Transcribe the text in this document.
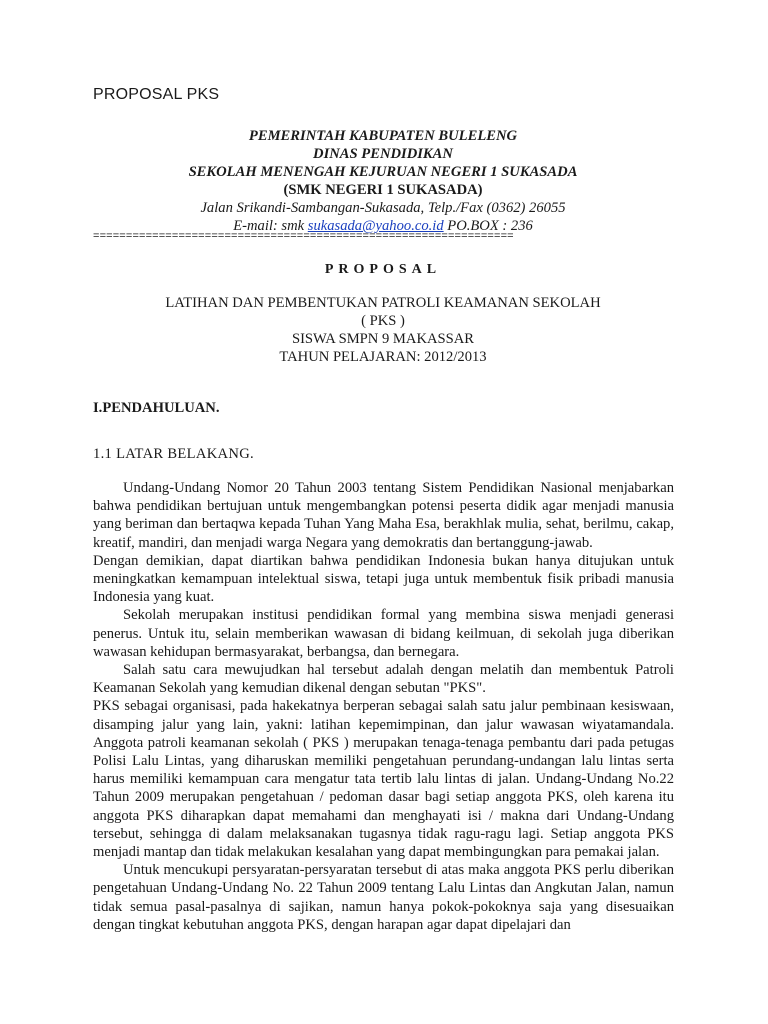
PROPOSAL PKS
PEMERINTAH KABUPATEN BULELENG
DINAS PENDIDIKAN
SEKOLAH MENENGAH KEJURUAN NEGERI 1 SUKASADA
(SMK NEGERI 1 SUKASADA)
Jalan Srikandi-Sambangan-Sukasada, Telp./Fax (0362) 26055
E-mail: smk sukasada@yahoo.co.id PO.BOX : 236
================================================================
PROPOSAL
LATIHAN DAN PEMBENTUKAN PATROLI KEAMANAN SEKOLAH
( PKS )
SISWA SMPN 9 MAKASSAR
TAHUN PELAJARAN: 2012/2013
I.PENDAHULUAN.
1.1 LATAR BELAKANG.

Undang-Undang Nomor 20 Tahun 2003 tentang Sistem Pendidikan Nasional menjabarkan bahwa pendidikan bertujuan untuk mengembangkan potensi peserta didik agar menjadi manusia yang beriman dan bertaqwa kepada Tuhan Yang Maha Esa, berakhlak mulia, sehat, berilmu, cakap, kreatif, mandiri, dan menjadi warga Negara yang demokratis dan bertanggung-jawab.

Dengan demikian, dapat diartikan bahwa pendidikan Indonesia bukan hanya ditujukan untuk meningkatkan kemampuan intelektual siswa, tetapi juga untuk membentuk fisik pribadi manusia Indonesia yang kuat.

Sekolah merupakan institusi pendidikan formal yang membina siswa menjadi generasi penerus. Untuk itu, selain memberikan wawasan di bidang keilmuan, di sekolah juga diberikan wawasan kehidupan bermasyarakat, berbangsa, dan bernegara.

Salah satu cara mewujudkan hal tersebut adalah dengan melatih dan membentuk Patroli Keamanan Sekolah yang kemudian dikenal dengan sebutan "PKS".

PKS sebagai organisasi, pada hakekatnya berperan sebagai salah satu jalur pembinaan kesiswaan, disamping jalur yang lain, yakni: latihan kepemimpinan, dan jalur wawasan wiyatamandala. Anggota patroli keamanan sekolah ( PKS ) merupakan tenaga-tenaga pembantu dari pada petugas Polisi Lalu Lintas, yang diharuskan memiliki pengetahuan perundang-undangan lalu lintas serta harus memiliki kemampuan cara mengatur tata tertib lalu lintas di jalan. Undang-Undang No.22 Tahun 2009 merupakan pengetahuan / pedoman dasar bagi setiap anggota PKS, oleh karena itu anggota PKS diharapkan dapat memahami dan menghayati isi / makna dari Undang-Undang tersebut, sehingga di dalam melaksanakan tugasnya tidak ragu-ragu lagi. Setiap anggota PKS menjadi mantap dan tidak melakukan kesalahan yang dapat membingungkan para pemakai jalan.

Untuk mencukupi persyaratan-persyaratan tersebut di atas maka anggota PKS perlu diberikan pengetahuan Undang-Undang No. 22 Tahun 2009 tentang Lalu Lintas dan Angkutan Jalan, namun tidak semua pasal-pasalnya di sajikan, namun hanya pokok-pokoknya saja yang disesuaikan dengan tingkat kebutuhan anggota PKS, dengan harapan agar dapat dipelajari dan
